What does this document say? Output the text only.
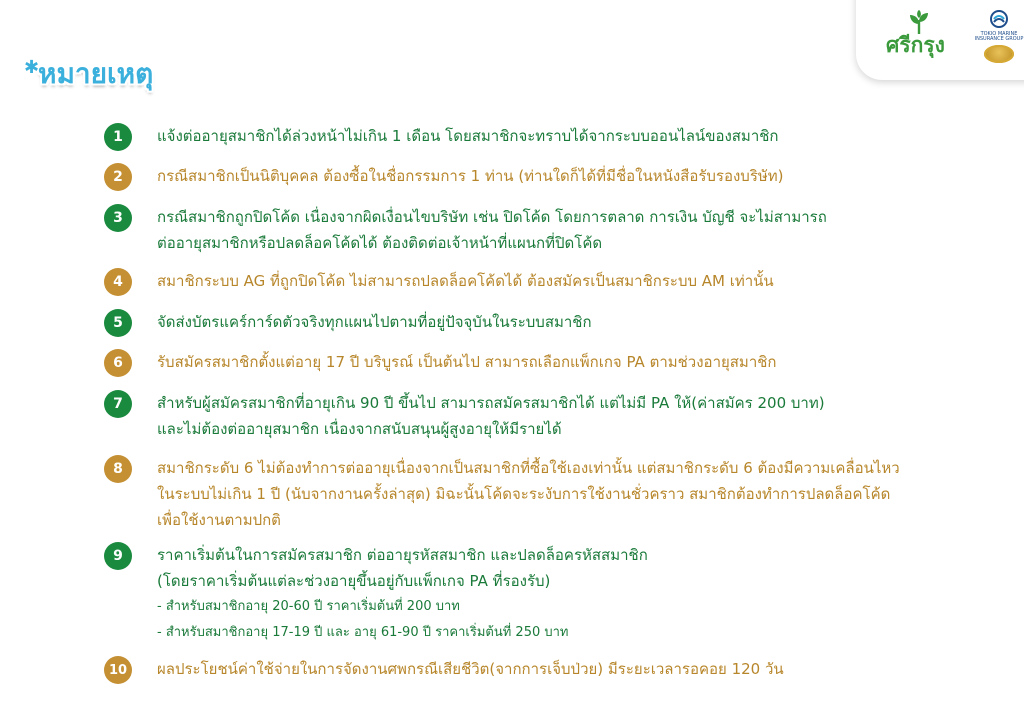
ศรีกรุง	TOKIO MARINE
INSURANCE GROUP
✱
หมายเหตุ
1	แจ้งต่ออายุสมาชิกได้ล่วงหน้าไม่เกิน 1 เดือน โดยสมาชิกจะทราบได้จากระบบออนไลน์ของสมาชิก
2	กรณีสมาชิกเป็นนิติบุคคล ต้องซื้อในชื่อกรรมการ 1 ท่าน (ท่านใดก็ได้ที่มีชื่อในหนังสือรับรองบริษัท)
3	กรณีสมาชิกถูกปิดโค้ด เนื่องจากผิดเงื่อนไขบริษัท เช่น ปิดโค้ด โดยการตลาด การเงิน บัญชี จะไม่สามารถ
ต่ออายุสมาชิกหรือปลดล็อคโค้ดได้ ต้องติดต่อเจ้าหน้าที่แผนกที่ปิดโค้ด
4	สมาชิกระบบ AG ที่ถูกปิดโค้ด ไม่สามารถปลดล็อคโค้ดได้ ต้องสมัครเป็นสมาชิกระบบ AM เท่านั้น
5	จัดส่งบัตรแคร์การ์ดตัวจริงทุกแผนไปตามที่อยู่ปัจจุบันในระบบสมาชิก
6	รับสมัครสมาชิกตั้งแต่อายุ 17 ปี บริบูรณ์ เป็นต้นไป สามารถเลือกแพ็กเกจ PA ตามช่วงอายุสมาชิก
7	สำหรับผู้สมัครสมาชิกที่อายุเกิน 90 ปี ขึ้นไป สามารถสมัครสมาชิกได้ แต่ไม่มี PA ให้(ค่าสมัคร 200 บาท)
และไม่ต้องต่ออายุสมาชิก เนื่องจากสนับสนุนผู้สูงอายุให้มีรายได้
8	สมาชิกระดับ 6 ไม่ต้องทำการต่ออายุเนื่องจากเป็นสมาชิกที่ซื้อใช้เองเท่านั้น แต่สมาชิกระดับ 6 ต้องมีความเคลื่อนไหว
ในระบบไม่เกิน 1 ปี (นับจากงานครั้งล่าสุด) มิฉะนั้นโค้ดจะระงับการใช้งานชั่วคราว สมาชิกต้องทำการปลดล็อคโค้ด
เพื่อใช้งานตามปกติ
9	ราคาเริ่มต้นในการสมัครสมาชิก ต่ออายุรหัสสมาชิก และปลดล็อครหัสสมาชิก
(โดยราคาเริ่มต้นแต่ละช่วงอายุขึ้นอยู่กับแพ็กเกจ PA ที่รองรับ)
- สำหรับสมาชิกอายุ 20-60 ปี ราคาเริ่มต้นที่ 200 บาท
- สำหรับสมาชิกอายุ 17-19 ปี และ อายุ 61-90 ปี ราคาเริ่มต้นที่ 250 บาท
10	ผลประโยชน์ค่าใช้จ่ายในการจัดงานศพกรณีเสียชีวิต(จากการเจ็บป่วย) มีระยะเวลารอคอย 120 วัน
